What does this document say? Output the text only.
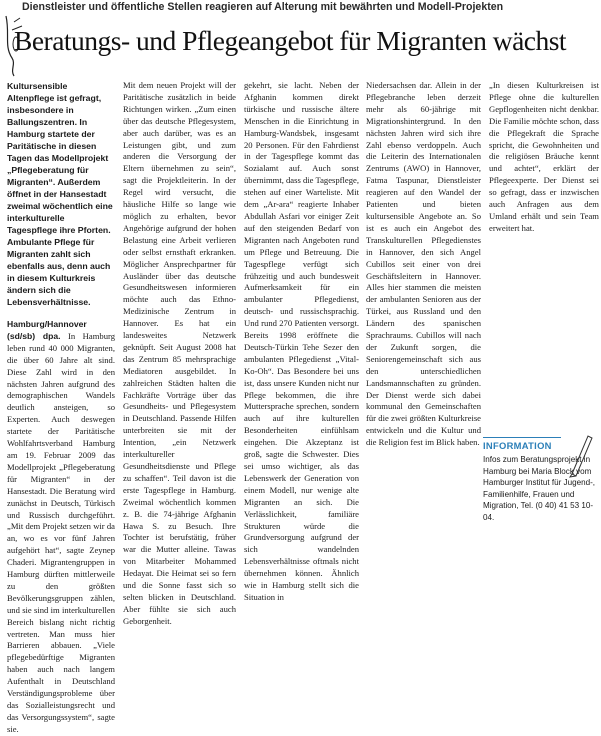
Dienstleister und öffentliche Stellen reagieren auf Alterung mit bewährten und Modell-Projekten
Beratungs- und Pflegeangebot für Migranten wächst

Kultursensible Altenpflege ist gefragt, insbesondere in Ballungszentren. In Hamburg startete der Paritätische in diesen Tagen das Modellprojekt „Pflegeberatung für Migranten“. Außerdem öffnet in der Hansestadt zweimal wöchentlich eine interkulturelle Tagespflege ihre Pforten. Ambulante Pflege für Migranten zahlt sich ebenfalls aus, denn auch in diesem Kulturkreis ändern sich die Lebensverhältnisse.

Hamburg/Hannover (sd/sb) dpa. In Hamburg leben rund 40 000 Migranten, die über 60 Jahre alt sind. Diese Zahl wird in den nächsten Jahren aufgrund des demographischen Wandels deutlich ansteigen, so Experten. Auch deswegen startete der Paritätische Wohlfahrtsverband Hamburg am 19. Februar 2009 das Modellprojekt „Pflegeberatung für Migranten“ in der Hansestadt. Die Beratung wird zunächst in Deutsch, Türkisch und Russisch durchgeführt. „Mit dem Projekt setzen wir da an, wo es vor fünf Jahren aufgehört hat“, sagte Zeynep Chaderi. Migrantengruppen in Hamburg dürften mittlerweile zu den größten Bevölkerungsgruppen zählen, und sie sind im interkulturellen Bereich bislang nicht richtig vertreten. Man muss hier Barrieren abbauen. „Viele pflegebedürftige Migranten haben auch nach langem Aufenthalt in Deutschland Verständigungsprobleme über das Sozialleistungsrecht und das Versorgungssystem“, sagte sie.

Mit dem neuen Projekt will der Paritätische zusätzlich in beide Richtungen wirken. „Zum einen über das deutsche Pflegesystem, aber auch darüber, was es an Leistungen gibt, und zum anderen die Versorgung der Eltern übernehmen zu sein“, sagt die Projektleiterin. In der Regel wird versucht, die häusliche Hilfe so lange wie möglich zu erhalten, bevor Angehörige aufgrund der hohen Belastung eine Arbeit verlieren oder selbst ernsthaft erkranken. Möglicher Ansprechpartner für Ausländer über das deutsche Gesundheitswesen informieren möchte auch das Ethno-Medizinische Zentrum in Hannover. Es hat ein landesweites Netzwerk geknüpft. Seit August 2008 hat das Zentrum 85 mehrsprachige Mediatoren ausgebildet. In zahlreichen Städten halten die Fachkräfte Vorträge über das Gesundheits- und Pflegesystem in Deutschland. Passende Hilfen unterbreiten sie mit der Intention, „ein Netzwerk interkultureller Gesundheitsdienste und Pflege zu schaffen“. Teil davon ist die erste Tagespflege in Hamburg. Zweimal wöchentlich kommen z. B. die 74-jährige Afghanin Hawa S. zu Besuch. Ihre Tochter ist berufstätig, früher war die Mutter alleine. Tawas von Mitarbeiter Mohammed Hedayat. Die Heimat sei so fern und die Sonne fasst sich so selten blicken in Deutschland. Aber fühlte sie sich auch Geborgenheit.

gekehrt, sie lacht. Neben der Afghanin kommen direkt türkische und russische ältere Menschen in die Einrichtung in Hamburg-Wandsbek, insgesamt 20 Personen. Für den Fahrdienst in der Tagespflege kommt das Sozialamt auf. Auch sonst übernimmt, dass die Tagespflege, stehen auf einer Warteliste. Mit dem „Ar-ara“ reagierte Inhaber Abdullah Asfari vor einiger Zeit auf den steigenden Bedarf von Migranten nach Angeboten rund um Pflege und Betreuung. Die Tagespflege verfügt sich frühzeitig und auch bundesweit Aufmerksamkeit für ein ambulanter Pflegedienst, deutsch- und russischsprachig. Und rund 270 Patienten versorgt. Bereits 1998 eröffnete die Deutsch-Türkin Tehe Sezer den ambulanten Pflegedienst „Vital-Ko-Oh“. Das Besondere bei uns ist, dass unsere Kunden nicht nur Pflege bekommen, die ihre Muttersprache sprechen, sondern auch auf ihre kulturellen Besonderheiten einfühlsam eingehen. Die Akzeptanz ist groß, sagte die Schwester. Dies sei umso wichtiger, als das Lebenswerk der Generation von einem Modell, nur wenige alte Migranten an sich. Die Verlässlichkeit, familiäre Strukturen würde die Grundversorgung aufgrund der sich wandelnden Lebensverhältnisse oftmals nicht übernehmen können. Ähnlich wie in Hamburg stellt sich die Situation in

Niedersachsen dar. Allein in der Pflegebranche leben derzeit mehr als 60-jährige mit Migrationshintergrund. In den nächsten Jahren wird sich ihre Zahl ebenso verdoppeln. Auch die Leiterin des Internationalen Zentrums (AWO) in Hannover, Fatma Taspunar, Dienstleister reagieren auf den Wandel der Patienten und bieten kultursensible Angebote an. So ist es auch ein Angebot des Transkulturellen Pflegedienstes in Hannover, den sich Angel Cubillos seit einer von drei Geschäftsleitern in Hannover. Alles hier stammen die meisten der ambulanten Senioren aus der Türkei, aus Russland und den Ländern des spanischen Sprachraums. Cubillos will nach der Zukunft sorgen, die Seniorengemeinschaft sich aus den unterschiedlichen Landsmannschaften zu gründen. Der Dienst werde sich dabei kommunal den Gemeinschaften für die zwei größten Kulturkreise entwickeln und die Kultur und die Religion fest im Blick haben.

„In diesen Kulturkreisen ist Pflege ohne die kulturellen Gepflogenheiten nicht denkbar. Die Familie möchte schon, dass die Pflegekraft die Sprache spricht, die Gewohnheiten und die religiösen Bräuche kennt und achtet“, erklärt der Pflegeexperte. Der Dienst sei so gefragt, dass er inzwischen auch Anfragen aus dem Umland erhält und sein Team erweitert hat.

INFORMATION
Infos zum Beratungsprojekt in Hamburg bei Maria Block vom Hamburger Institut für Jugend-, Familienhilfe, Frauen und Migration, Tel. (0 40) 41 53 10-04.
